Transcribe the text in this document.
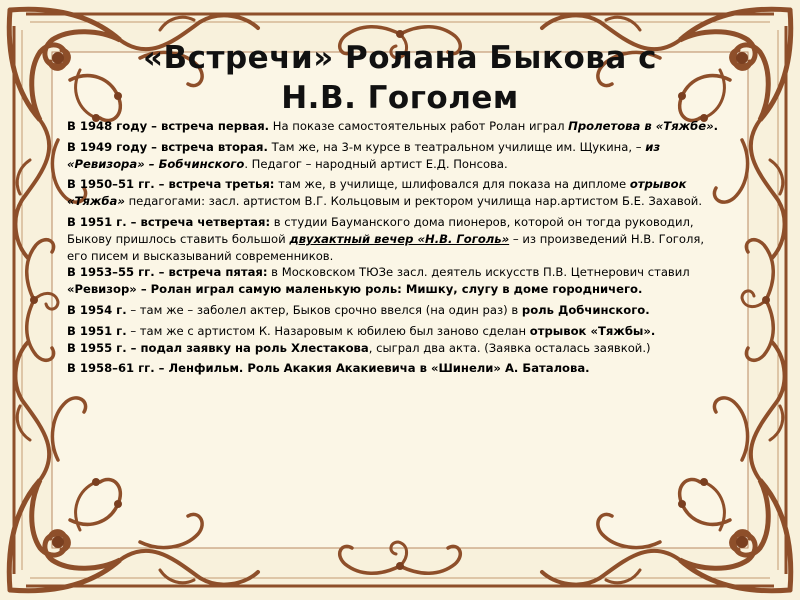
«Встречи» Ролана Быкова с
Н.В. Гоголем

В 1948 году – встреча первая. На показе самостоятельных работ Ролан играл Пролетова в «Тяжбе».

В 1949 году – встреча вторая. Там же, на 3-м курсе в театральном училище им. Щукина, – из «Ревизора» – Бобчинского. Педагог – народный артист Е.Д. Понсова.

В 1950–51 гг. – встреча третья: там же, в училище, шлифовался для показа на дипломе отрывок «Тяжба» педагогами: засл. артистом В.Г. Кольцовым и ректором училища нар.артистом Б.Е. Захавой.

В 1951 г. – встреча четвертая: в студии Бауманского дома пионеров, которой он тогда руководил, Быкову пришлось ставить большой двухактный вечер «Н.В. Гоголь» – из произведений Н.В. Гоголя, его писем и высказываний современников.

В 1953–55 гг. – встреча пятая: в Московском ТЮЗе засл. деятель искусств П.В. Цетнерович ставил «Ревизор» – Ролан играл самую маленькую роль: Мишку, слугу в доме городничего.

В 1954 г. – там же – заболел актер, Быков срочно ввелся (на один раз) в роль Добчинского.

В 1951 г. – там же с артистом К. Назаровым к юбилею был заново сделан отрывок «Тяжбы».

В 1955 г. – подал заявку на роль Хлестакова, сыграл два акта. (Заявка осталась заявкой.)

В 1958–61 гг. – Ленфильм. Роль Акакия Акакиевича в «Шинели» А. Баталова.
